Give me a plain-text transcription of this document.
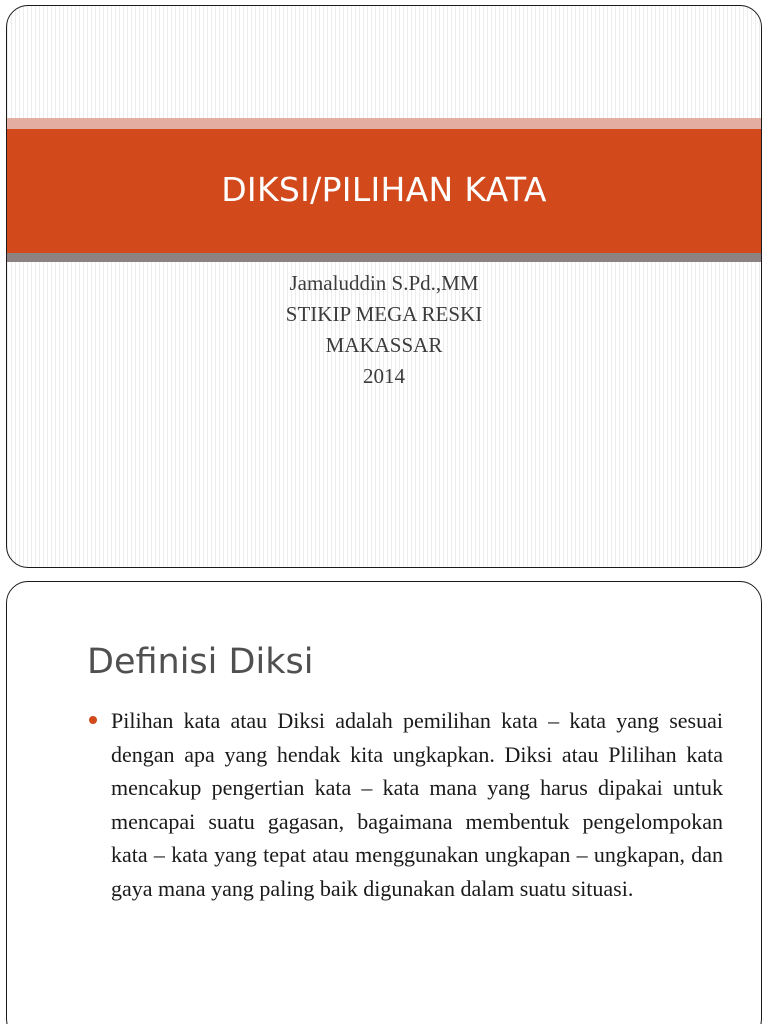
DIKSI/PILIHAN KATA
Jamaluddin S.Pd.,MM
STIKIP MEGA RESKI
MAKASSAR
2014
Definisi Diksi

Pilihan kata atau Diksi adalah pemilihan kata – kata yang sesuai dengan apa yang hendak kita ungkapkan. Diksi atau Plilihan kata mencakup pengertian kata – kata mana yang harus dipakai untuk mencapai suatu gagasan, bagaimana membentuk pengelompokan kata – kata yang tepat atau menggunakan ungkapan – ungkapan, dan gaya mana yang paling baik digunakan dalam suatu situasi.
